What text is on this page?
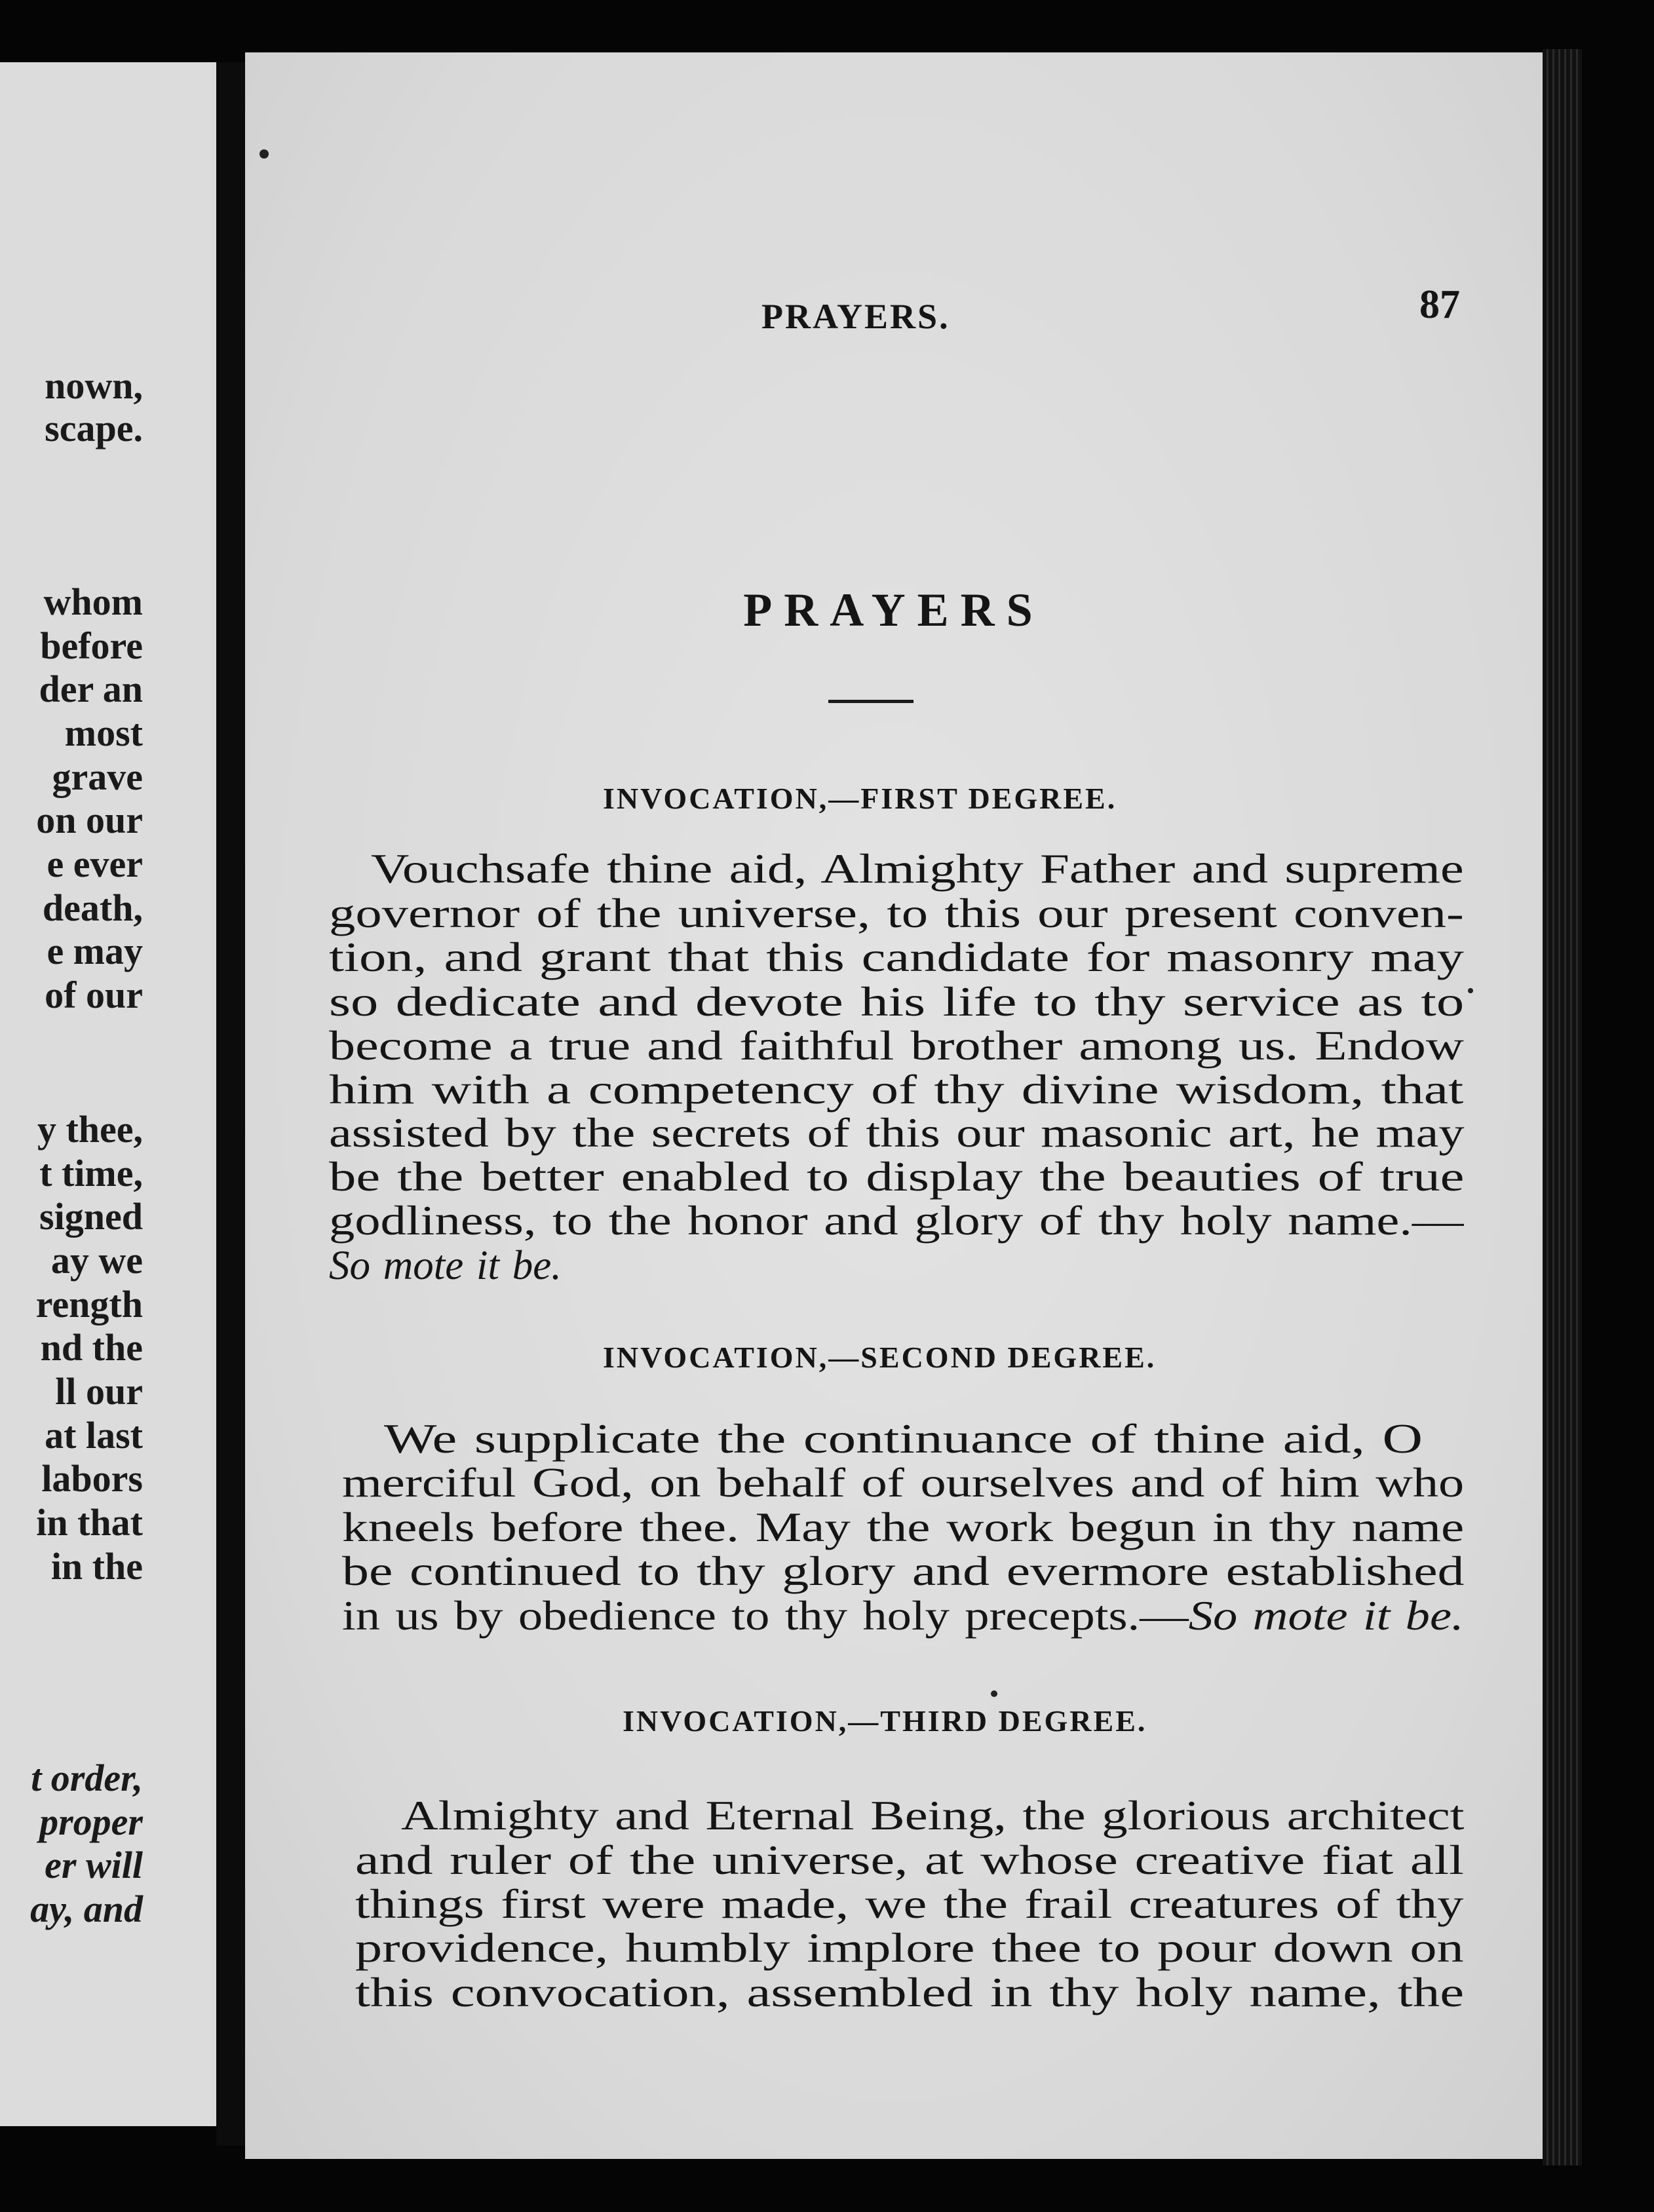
nown,
scape.
whom
before
der an
most
grave
on our
e ever
death,
e may
of our
y thee,
t time,
signed
ay we
rength
nd the
ll our
at last
labors
in that
in the
t order,
proper
er will
ay, and
PRAYERS.	87
PRAYERS
INVOCATION,—FIRST DEGREE.
Vouchsafe thine aid, Almighty Father and supreme
governor of the universe, to this our present conven-
tion, and grant that this candidate for masonry may
so dedicate and devote his life to thy service as to
become a true and faithful brother among us. Endow
him with a competency of thy divine wisdom, that
assisted by the secrets of this our masonic art, he may
be the better enabled to display the beauties of true
godliness, to the honor and glory of thy holy name.—
So mote it be.
INVOCATION,—SECOND DEGREE.
We supplicate the continuance of thine aid, O
merciful God, on behalf of ourselves and of him who
kneels before thee. May the work begun in thy name
be continued to thy glory and evermore established
in us by obedience to thy holy precepts.—So mote it be.
INVOCATION,—THIRD DEGREE.
Almighty and Eternal Being, the glorious architect
and ruler of the universe, at whose creative fiat all
things first were made, we the frail creatures of thy
providence, humbly implore thee to pour down on
this convocation, assembled in thy holy name, the
